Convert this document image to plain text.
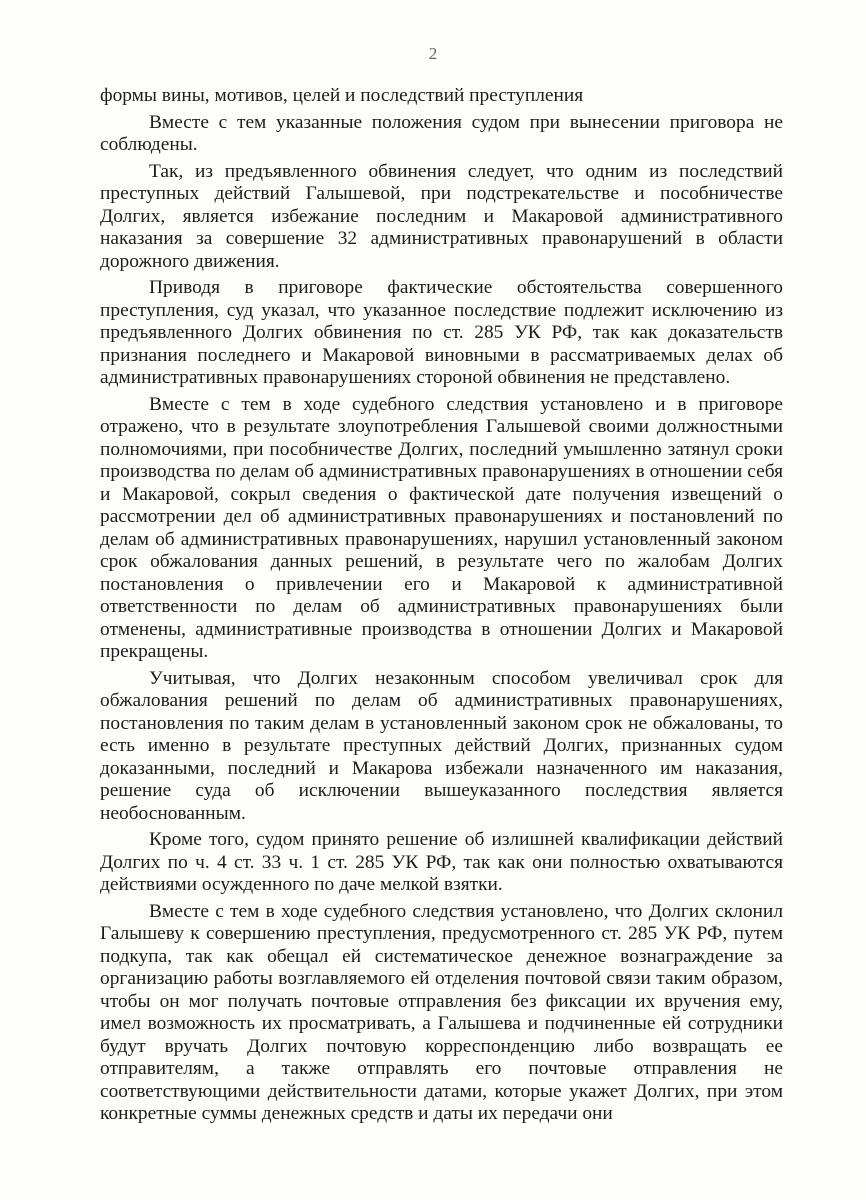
2

формы вины, мотивов, целей и последствий преступления

Вместе с тем указанные положения судом при вынесении приговора не соблюдены.

Так, из предъявленного обвинения следует, что одним из последствий преступных действий Галышевой, при подстрекательстве и пособничестве Долгих, является избежание последним и Макаровой административного наказания за совершение 32 административных правонарушений в области дорожного движения.

Приводя в приговоре фактические обстоятельства совершенного преступления, суд указал, что указанное последствие подлежит исключению из предъявленного Долгих обвинения по ст. 285 УК РФ, так как доказательств признания последнего и Макаровой виновными в рассматриваемых делах об административных правонарушениях стороной обвинения не представлено.

Вместе с тем в ходе судебного следствия установлено и в приговоре отражено, что в результате злоупотребления Галышевой своими должностными полномочиями, при пособничестве Долгих, последний умышленно затянул сроки производства по делам об административных правонарушениях в отношении себя и Макаровой, сокрыл сведения о фактической дате получения извещений о рассмотрении дел об административных правонарушениях и постановлений по делам об административных правонарушениях, нарушил установленный законом срок обжалования данных решений, в результате чего по жалобам Долгих постановления о привлечении его и Макаровой к административной ответственности по делам об административных правонарушениях были отменены, административные производства в отношении Долгих и Макаровой прекращены.

Учитывая, что Долгих незаконным способом увеличивал срок для обжалования решений по делам об административных правонарушениях, постановления по таким делам в установленный законом срок не обжалованы, то есть именно в результате преступных действий Долгих, признанных судом доказанными, последний и Макарова избежали назначенного им наказания, решение суда об исключении вышеуказанного последствия является необоснованным.

Кроме того, судом принято решение об излишней квалификации действий Долгих по ч. 4 ст. 33 ч. 1 ст. 285 УК РФ, так как они полностью охватываются действиями осужденного по даче мелкой взятки.

Вместе с тем в ходе судебного следствия установлено, что Долгих склонил Галышеву к совершению преступления, предусмотренного ст. 285 УК РФ, путем подкупа, так как обещал ей систематическое денежное вознаграждение за организацию работы возглавляемого ей отделения почтовой связи таким образом, чтобы он мог получать почтовые отправления без фиксации их вручения ему, имел возможность их просматривать, а Галышева и подчиненные ей сотрудники будут вручать Долгих почтовую корреспонденцию либо возвращать ее отправителям, а также отправлять его почтовые отправления не соответствующими действительности датами, которые укажет Долгих, при этом конкретные суммы денежных средств и даты их передачи они
